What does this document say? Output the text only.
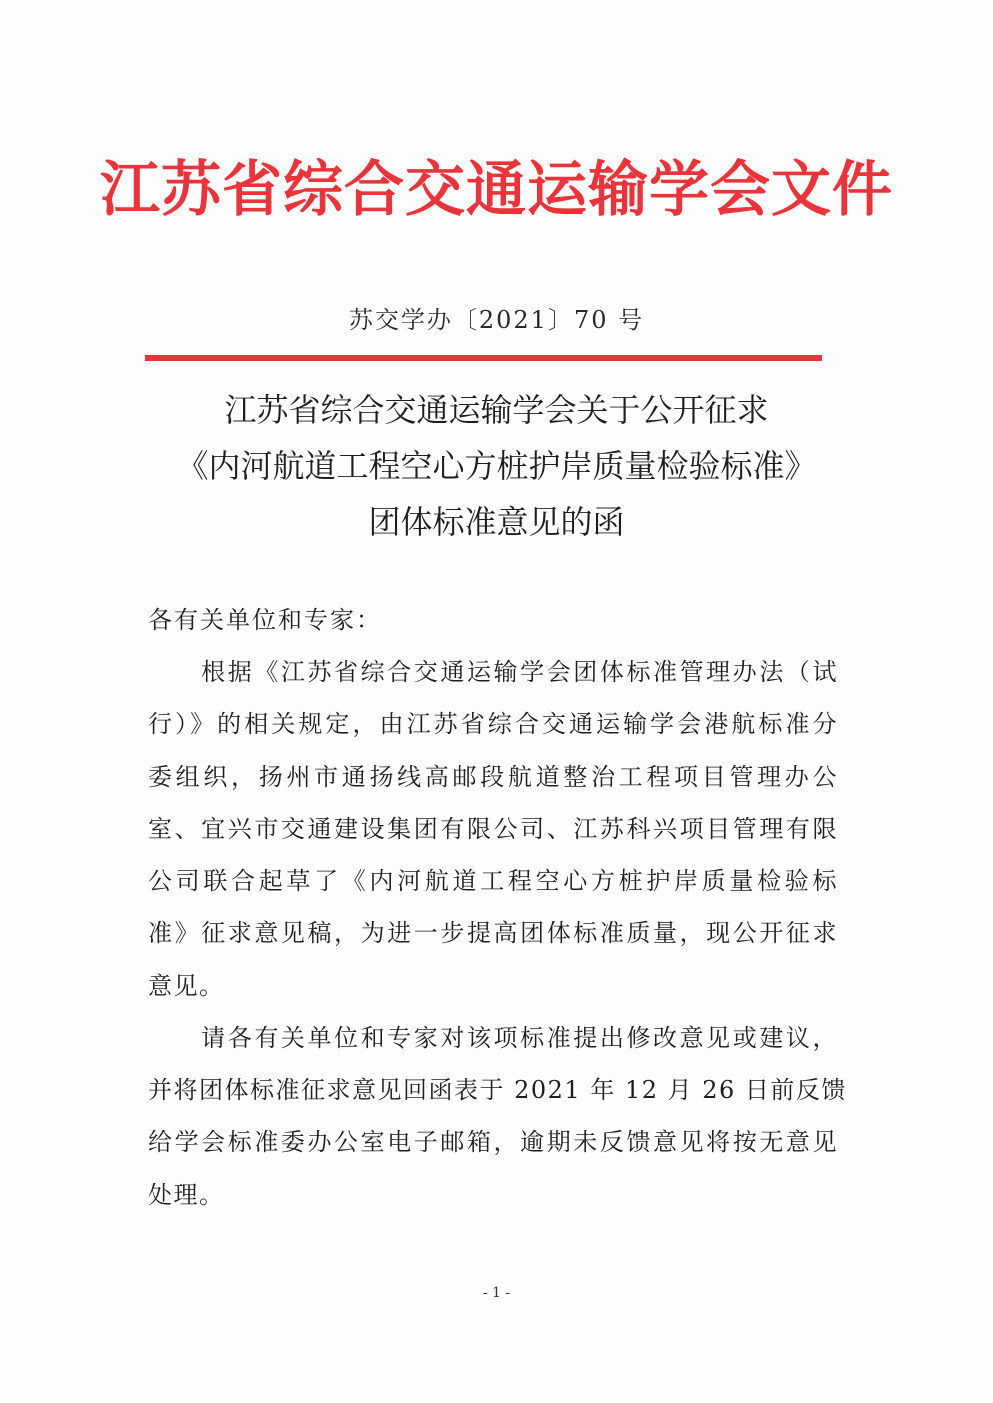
江苏省综合交通运输学会文件
苏交学办〔2021〕70 号
江苏省综合交通运输学会关于公开征求
《内河航道工程空心方桩护岸质量检验标准》
团体标准意见的函
各有关单位和专家：
　　根据《江苏省综合交通运输学会团体标准管理办法（试
行）》的相关规定，由江苏省综合交通运输学会港航标准分
委组织，扬州市通扬线高邮段航道整治工程项目管理办公
室、宜兴市交通建设集团有限公司、江苏科兴项目管理有限
公司联合起草了《内河航道工程空心方桩护岸质量检验标
准》征求意见稿，为进一步提高团体标准质量，现公开征求
意见。
　　请各有关单位和专家对该项标准提出修改意见或建议，
并将团体标准征求意见回函表于 2021 年 12 月 26 日前反馈
给学会标准委办公室电子邮箱，逾期未反馈意见将按无意见
处理。
- 1 -
